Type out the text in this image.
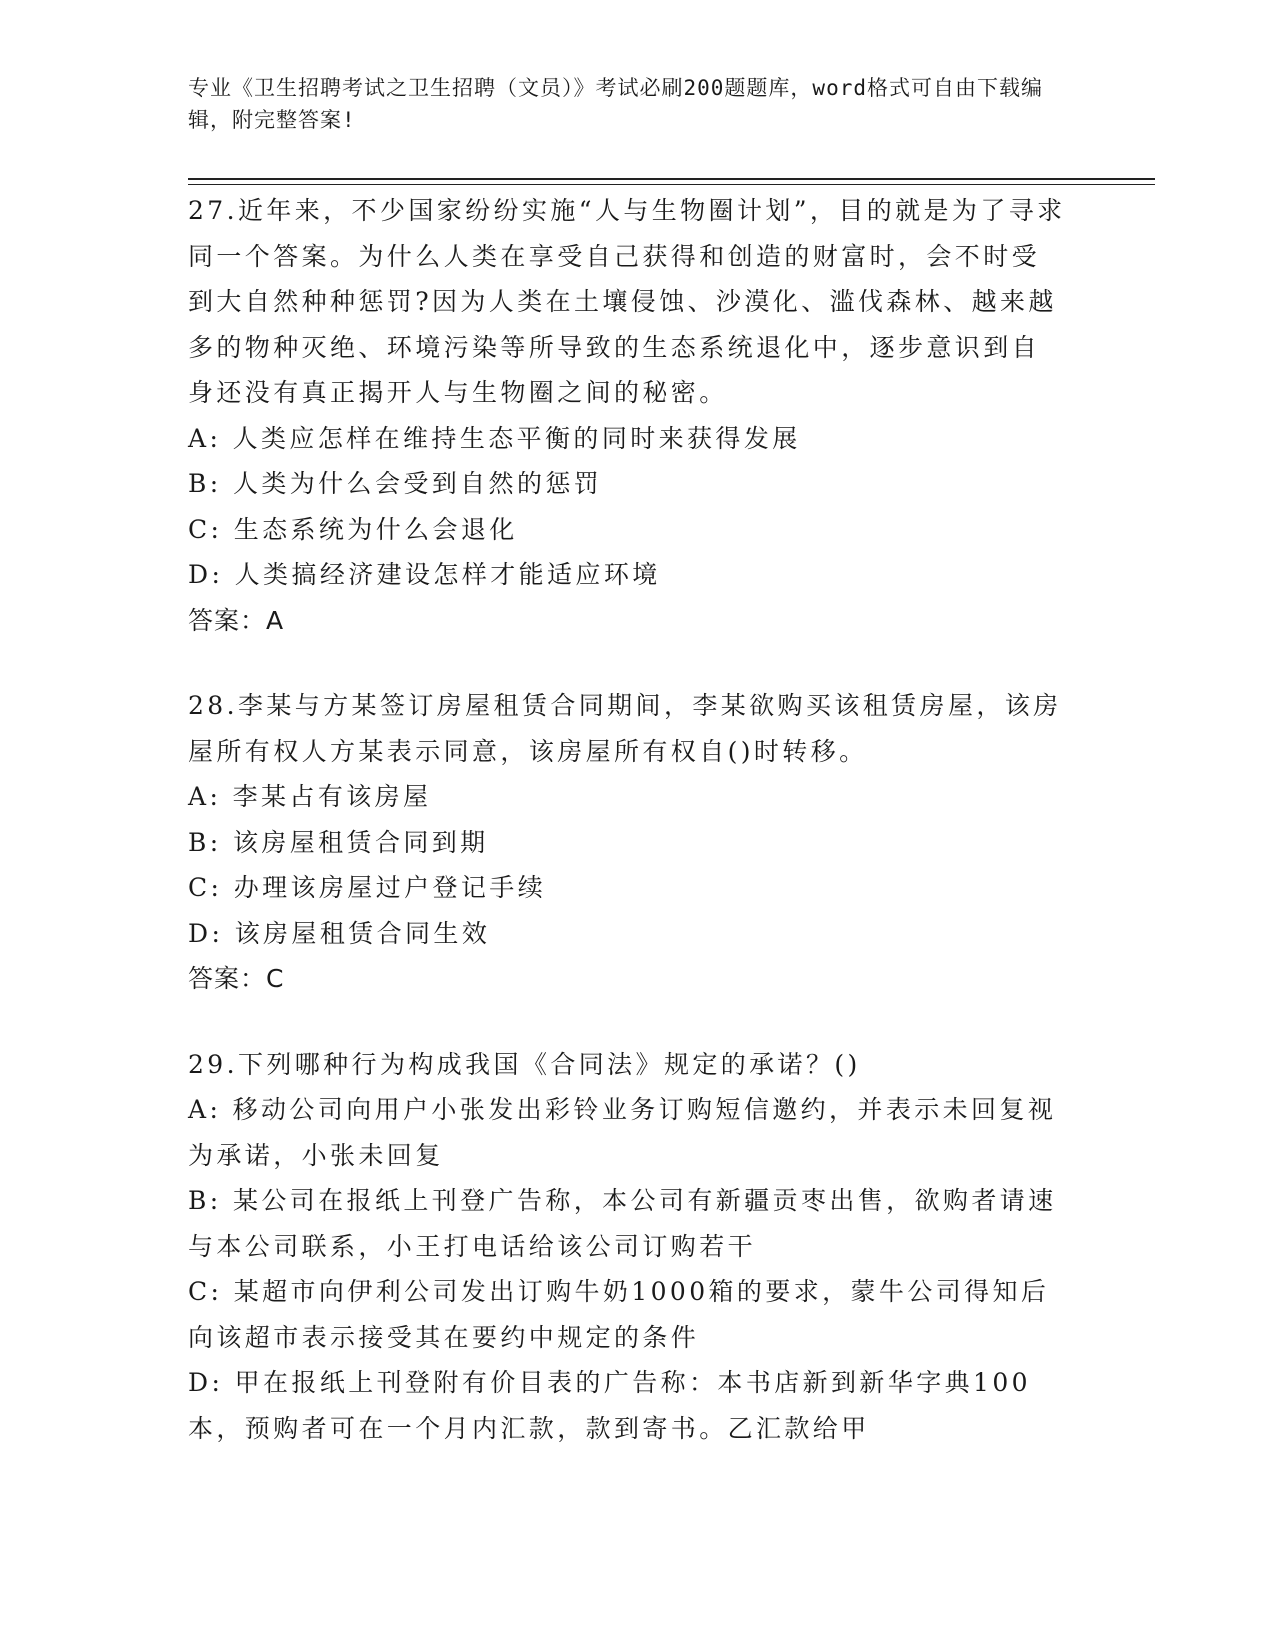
专业《卫生招聘考试之卫生招聘（文员）》考试必刷200题题库，word格式可自由下载编辑，附完整答案!
27.近年来，不少国家纷纷实施“人与生物圈计划”，目的就是为了寻求同一个答案。为什么人类在享受自己获得和创造的财富时，会不时受到大自然种种惩罚?因为人类在土壤侵蚀、沙漠化、滥伐森林、越来越多的物种灭绝、环境污染等所导致的生态系统退化中，逐步意识到自身还没有真正揭开人与生物圈之间的秘密。
A: 人类应怎样在维持生态平衡的同时来获得发展
B: 人类为什么会受到自然的惩罚
C: 生态系统为什么会退化
D: 人类搞经济建设怎样才能适应环境
答案：A
28.李某与方某签订房屋租赁合同期间，李某欲购买该租赁房屋，该房屋所有权人方某表示同意，该房屋所有权自()时转移。
A: 李某占有该房屋
B: 该房屋租赁合同到期
C: 办理该房屋过户登记手续
D: 该房屋租赁合同生效
答案：C
29.下列哪种行为构成我国《合同法》规定的承诺？()
A: 移动公司向用户小张发出彩铃业务订购短信邀约，并表示未回复视为承诺，小张未回复
B: 某公司在报纸上刊登广告称，本公司有新疆贡枣出售，欲购者请速与本公司联系，小王打电话给该公司订购若干
C: 某超市向伊利公司发出订购牛奶1000箱的要求，蒙牛公司得知后向该超市表示接受其在要约中规定的条件
D: 甲在报纸上刊登附有价目表的广告称：本书店新到新华字典100本，预购者可在一个月内汇款，款到寄书。乙汇款给甲
